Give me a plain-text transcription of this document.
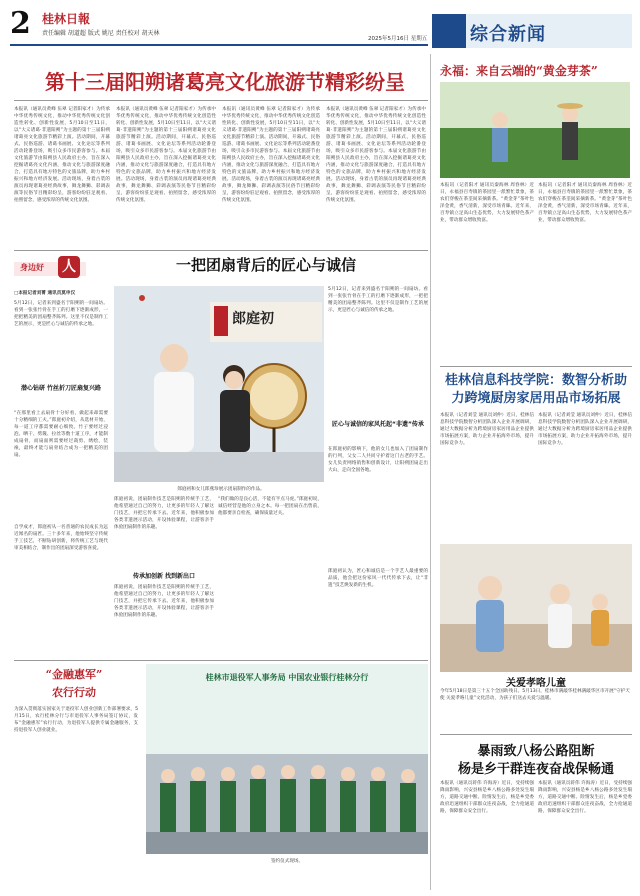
2 桂林日報
责任编辑 胡道超 版式 姚尼 责任校对 胡天林
2025年5月16日 星期五 综合新闻
第十三届阳朔诸葛亮文化旅游节精彩纷呈
本报讯（通讯员黄峰 伍翠 记者阳家才）为传承中华优秀传统文化，推动中华优秀传统文化创造性转化、创新性发展，5月10日至11日，以“大义诸葛·非遗阳朔”为主题的第十三届阳朔诸葛亮文化旅游节精彩上演。活动期间，开幕式、民俗巡游、诸葛书画展、文化论坛等系列活动轮番登场，吸引众多市民游客参与。本届文化旅游节由阳朔县人民政府主办，旨在深入挖掘诸葛亮文化内涵，推动文化与旅游深度融合，打造具有地方特色的文旅品牌，助力乡村振兴和地方经济发展。活动现场，身着古装的演员再现诸葛亮经典故事，舞龙舞狮、彩调表演等民俗节目精彩纷呈，游客纷纷驻足观看、拍照留念，感受浓厚的传统文化氛围。
本报讯（通讯员黄峰 伍翠 记者阳家才）为传承中华优秀传统文化，推动中华优秀传统文化创造性转化、创新性发展，5月10日至11日，以“大义诸葛·非遗阳朔”为主题的第十三届阳朔诸葛亮文化旅游节精彩上演。活动期间，开幕式、民俗巡游、诸葛书画展、文化论坛等系列活动轮番登场，吸引众多市民游客参与。本届文化旅游节由阳朔县人民政府主办，旨在深入挖掘诸葛亮文化内涵，推动文化与旅游深度融合，打造具有地方特色的文旅品牌，助力乡村振兴和地方经济发展。活动现场，身着古装的演员再现诸葛亮经典故事，舞龙舞狮、彩调表演等民俗节目精彩纷呈，游客纷纷驻足观看、拍照留念，感受浓厚的传统文化氛围。
本报讯（通讯员黄峰 伍翠 记者阳家才）为传承中华优秀传统文化，推动中华优秀传统文化创造性转化、创新性发展，5月10日至11日，以“大义诸葛·非遗阳朔”为主题的第十三届阳朔诸葛亮文化旅游节精彩上演。活动期间，开幕式、民俗巡游、诸葛书画展、文化论坛等系列活动轮番登场，吸引众多市民游客参与。本届文化旅游节由阳朔县人民政府主办，旨在深入挖掘诸葛亮文化内涵，推动文化与旅游深度融合，打造具有地方特色的文旅品牌，助力乡村振兴和地方经济发展。活动现场，身着古装的演员再现诸葛亮经典故事，舞龙舞狮、彩调表演等民俗节目精彩纷呈，游客纷纷驻足观看、拍照留念，感受浓厚的传统文化氛围。
本报讯（通讯员黄峰 伍翠 记者阳家才）为传承中华优秀传统文化，推动中华优秀传统文化创造性转化、创新性发展，5月10日至11日，以“大义诸葛·非遗阳朔”为主题的第十三届阳朔诸葛亮文化旅游节精彩上演。活动期间，开幕式、民俗巡游、诸葛书画展、文化论坛等系列活动轮番登场，吸引众多市民游客参与。本届文化旅游节由阳朔县人民政府主办，旨在深入挖掘诸葛亮文化内涵，推动文化与旅游深度融合，打造具有地方特色的文旅品牌，助力乡村振兴和地方经济发展。活动现场，身着古装的演员再现诸葛亮经典故事，舞龙舞狮、彩调表演等民俗节目精彩纷呈，游客纷纷驻足观看、拍照留念，感受浓厚的传统文化氛围。
身边好 人	一把团扇背后的匠心与诚信
□本报记者刘菁 通讯员莫申汉
5月12日，记者来到盛名于阳朔的一间扇坊。看到一张张竹骨在手工的打磨下逐渐成形，一把把精美的团扇整齐陈列。这里不仅是制作工艺的展示，更是匠心与诚信的传承之地。
潜心钻研 竹丝折刀匠扇复兴路
“在那里看上去扇骨十分好看，做起来却需要十分精细的工夫。”郎庭初介绍，从选材开始，每一道工序都需要耐心细致。竹子要经过浸泡、晒干、劈篾、拉丝等数十道工序，才能制成扇骨，而扇面则需要经过裁剪、绣绘、装裱，最终才能与扇骨结合成为一把精美的团扇。
自学成才，郎庭初从一名普通的农民成长为远近闻名的扇匠。三十多年来，他始终坚守传统手工技艺，不断钻研创新，将传统工艺与现代审美相结合，制作出的团扇深受游客喜爱。
郎庭初
郎庭初和女儿郎燕珍展示团扇制作的作品。
郎庭初说，团扇制作技艺是阳朔的传统手工艺，他希望通过自己的努力，让更多的年轻人了解这门技艺，并把它传承下去。近年来，他积极参加各类非遗展示活动，开设体验课程，让游客亲手体验团扇制作的乐趣。
传承加创新 找到新出口
郎庭初说，团扇制作技艺是阳朔的传统手工艺，他希望通过自己的努力，让更多的年轻人了解这门技艺，并把它传承下去。近年来，他积极参加各类非遗展示活动，开设体验课程，让游客亲手体验团扇制作的乐趣。
“我们做的是良心活，不能有半点马虎。”郎庭初说，诚信经营是他的立身之本。每一把团扇在出售前，他都要亲自检查，确保质量过关。
5月12日，记者来到盛名于阳朔的一间扇坊。看到一张张竹骨在手工的打磨下逐渐成形，一把把精美的团扇整齐陈列。这里不仅是制作工艺的展示，更是匠心与诚信的传承之地。
匠心与诚信的家风托起“非遗”传承
在郎庭初的影响下，他的女儿也加入了团扇制作的行列，父女二人共同守护着这门古老的手艺。女儿负责网络销售和创新设计，让阳朔团扇走出大山，走向全国各地。
郎庭初认为，匠心和诚信是一个手艺人最重要的品质，他会把这份家风一代代传承下去，让“非遗”技艺焕发新的生机。
“金融惠军”
农行行动
为深入贯彻落实国家关于退役军人创业创新工作部署要求，5月15日，农行桂林分行与市退役军人事务局签订协议，发布“金融惠军”农行行动，为退役军人提供专属金融服务，支持退役军人创业就业。
桂林市退役军人事务局 中国农业银行桂林分行
签约仪式现场。
永福：来自云端的“黄金芽茶”
本报讯（记者阳才 通讯员秦海林 周春林）近日，永福县百寿镇的茶园里一派繁忙景象，茶农们穿梭在茶垄间采摘新茶。“黄金芽”茶叶色泽金黄，香气清新，深受市场青睐。近年来，百寿镇立足高山生态优势，大力发展特色茶产业，带动群众增收致富。
本报讯（记者阳才 通讯员秦海林 周春林）近日，永福县百寿镇的茶园里一派繁忙景象，茶农们穿梭在茶垄间采摘新茶。“黄金芽”茶叶色泽金黄，香气清新，深受市场青睐。近年来，百寿镇立足高山生态优势，大力发展特色茶产业，带动群众增收致富。
桂林信息科技学院：数智分析助力跨境厨房家居用品市场拓展
本报讯（记者刘莹 通讯员刘仲）近日，桂林信息科技学院数智分析团队深入企业开展调研，通过大数据分析为跨境厨房家居用品企业提供市场拓展方案，助力企业开拓海外市场，提升国际竞争力。
本报讯（记者刘莹 通讯员刘仲）近日，桂林信息科技学院数智分析团队深入企业开展调研，通过大数据分析为跨境厨房家居用品企业提供市场拓展方案，助力企业开拓海外市场，提升国际竞争力。
关爱孝咯儿童
今年5月18日是第三十五个全国助残日。5月13日，桂林市满敲华桂林满敲华区市开展“守护天使 关爱孝咯儿童”文化活动，为孩子们送去关爱与温暖。
暴雨致八杨公路阻断
杨是乡干群连夜奋战保畅通
本报讯（通讯员蒋伟 许海涛）近日，受持续强降雨影响，兴安县杨是乡八杨公路多处发生塌方，道路交通中断。险情发生后，杨是乡党委政府迅速组织干部群众连夜奋战，全力抢通道路，保障群众安全出行。
本报讯（通讯员蒋伟 许海涛）近日，受持续强降雨影响，兴安县杨是乡八杨公路多处发生塌方，道路交通中断。险情发生后，杨是乡党委政府迅速组织干部群众连夜奋战，全力抢通道路，保障群众安全出行。
